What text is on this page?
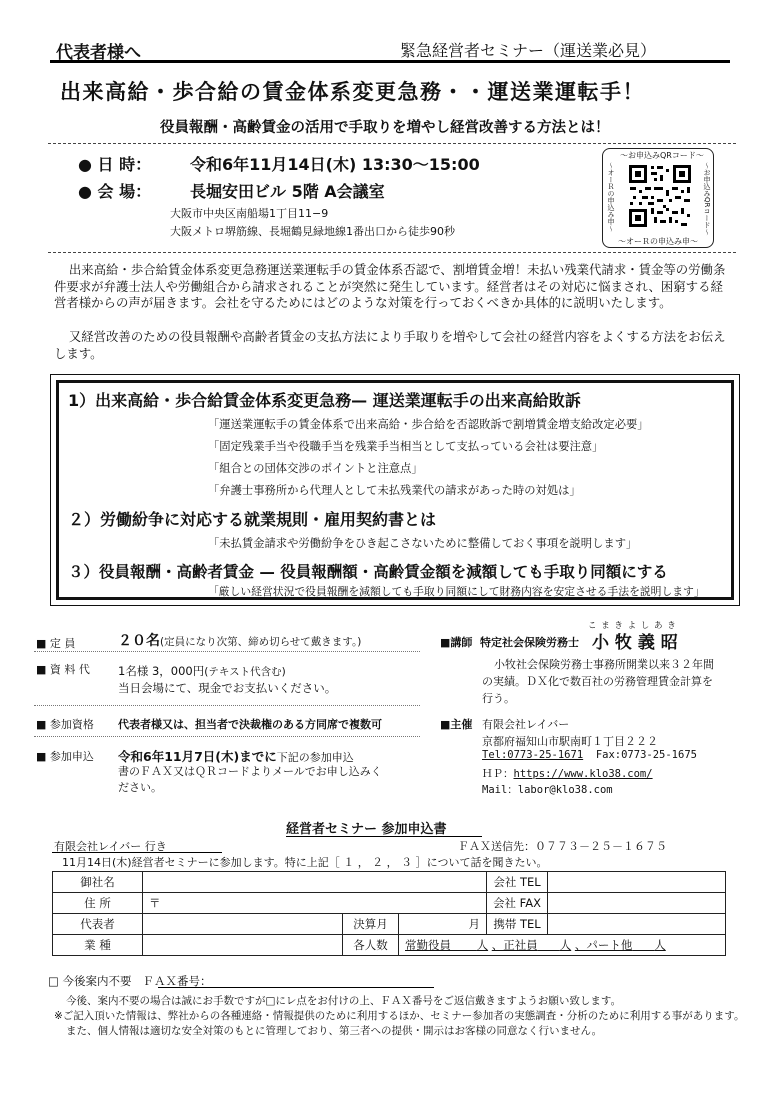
代表者様へ	緊急経営者セミナー（運送業必見）
出来高給・歩合給の賃金体系変更急務・・運送業運転手！
役員報酬・高齢賃金の活用で手取りを増やし経営改善する方法とは！
● 日 時： 令和6年11月14日(木) 13:30〜15:00
● 会 場： 長堀安田ビル 5階 A会議室
大阪市中央区南船場1丁目11−9
大阪メトロ堺筋線、長堀鶴見緑地線1番出口から徒歩90秒
〜お申込みQRコード〜
〜オーＲの申込み申〜
〜オーＲの申込み申〜	〜お申込みQRコード〜
出来高給・歩合給賃金体系変更急務運送業運転手の賃金体系否認で、割増賃金増！未払い残業代請求・賃金等の労働条件要求が弁護士法人や労働組合から請求されることが突然に発生しています。経営者はその対応に悩まされ、困窮する経営者様からの声が届きます。会社を守るためにはどのような対策を行っておくべきか具体的に説明いたします。
又経営改善のための役員報酬や高齢者賃金の支払方法により手取りを増やして会社の経営内容をよくする方法をお伝えします。
1）出来高給・歩合給賃金体系変更急務— 運送業運転手の出来高給敗訴
「運送業運転手の賃金体系で出来高給・歩合給を否認敗訴で割増賃金増支給改定必要」
「固定残業手当や役職手当を残業手当相当として支払っている会社は要注意」
「組合との団体交渉のポイントと注意点」
「弁護士事務所から代理人として未払残業代の請求があった時の対処は」
２）労働紛争に対応する就業規則・雇用契約書とは
「未払賃金請求や労働紛争をひき起こさないために整備しておく事項を説明します」
３）役員報酬・高齢者賃金 — 役員報酬額・高齢賃金額を減額しても手取り同額にする
「厳しい経営状況で役員報酬を減額しても手取り同額にして財務内容を安定させる手法を説明します」
■ 定 員	２０名(定員になり次第、締め切らせて戴きます。)
■ 資 料 代 1名様 3，000円(テキスト代含む)
当日会場にて、現金でお支払いください。
■ 参加資格 代表者様又は、担当者で決裁権のある方同席で複数可
■ 参加申込 令和6年11月7日(木)までに下記の参加申込
書のＦＡＸ又はＱＲコードよりメールでお申し込みく
ださい。
こ ま き よ し あ き
■講師 特定社会保険労務士 小 牧 義 昭
小牧社会保険労務士事務所開業以来３２年間
の実績。ＤＸ化で数百社の労務管理賃金計算を
行う。
■主催 有限会社レイバー
京都府福知山市駅南町１丁目２２２
Tel:0773-25-1671 Fax:0773-25-1675
ＨＰ：https://www.klo38.com/
Mail：labor@klo38.com
経営者セミナー 参加申込書
有限会社レイバー 行き	ＦＡＸ送信先：０７７３－２５－１６７５
11月14日(木)経営者セミナーに参加します。特に上記［ １ ， ２ ， ３ ］について話を聞きたい。
御社名				会社 TEL	
住 所	〒			会社 FAX	
代表者		決算月	月	携帯 TEL	
業 種		各人数	常勤役員 人 、正社員 人 、パート他 人		
□ 今後案内不要 ＦＡＸ番号：
今後、案内不要の場合は誠にお手数ですが□にレ点をお付けの上、ＦＡＸ番号をご返信戴きますようお願い致します。
※ご記入頂いた情報は、弊社からの各種連絡・情報提供のために利用するほか、セミナー参加者の実態調査・分析のために利用する事があります。
また、個人情報は適切な安全対策のもとに管理しており、第三者への提供・開示はお客様の同意なく行いません。
